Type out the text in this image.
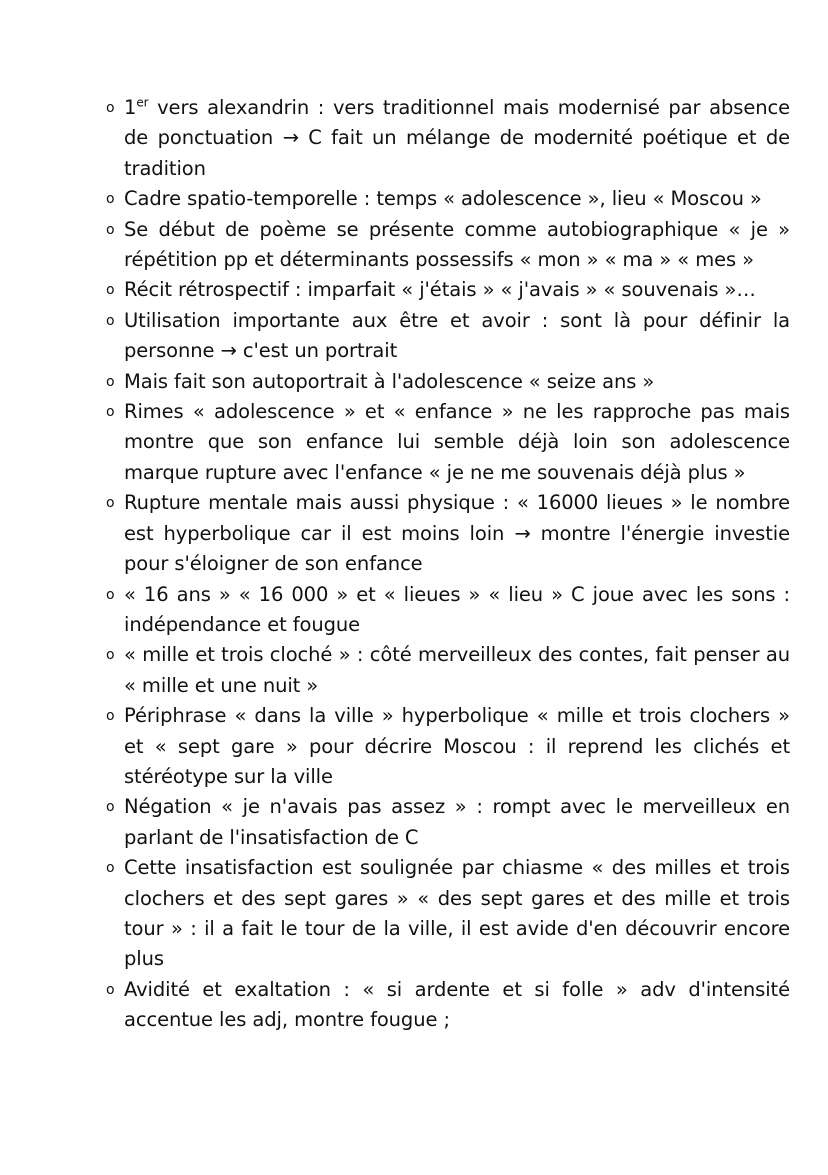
o 1er vers alexandrin : vers traditionnel mais modernisé par absence de ponctuation → C fait un mélange de modernité poétique et de tradition
o Cadre spatio-temporelle : temps « adolescence », lieu « Moscou »
o Se début de poème se présente comme autobiographique « je » répétition pp et déterminants possessifs « mon » « ma » « mes »
o Récit rétrospectif : imparfait « j'étais » « j'avais » « souvenais »…
o Utilisation importante aux être et avoir : sont là pour définir la personne → c'est un portrait
o Mais fait son autoportrait à l'adolescence « seize ans »
o Rimes « adolescence » et « enfance » ne les rapproche pas mais montre que son enfance lui semble déjà loin son adolescence marque rupture avec l'enfance « je ne me souvenais déjà plus »
o Rupture mentale mais aussi physique : « 16000 lieues » le nombre est hyperbolique car il est moins loin → montre l'énergie investie pour s'éloigner de son enfance
o « 16 ans » « 16 000 » et « lieues » « lieu » C joue avec les sons : indépendance et fougue
o « mille et trois cloché » : côté merveilleux des contes, fait penser au « mille et une nuit »
o Périphrase « dans la ville » hyperbolique « mille et trois clochers » et « sept gare » pour décrire Moscou : il reprend les clichés et stéréotype sur la ville
o Négation « je n'avais pas assez » : rompt avec le merveilleux en parlant de l'insatisfaction de C
o Cette insatisfaction est soulignée par chiasme « des milles et trois clochers et des sept gares » « des sept gares et des mille et trois tour » : il a fait le tour de la ville, il est avide d'en découvrir encore plus
o Avidité et exaltation : « si ardente et si folle » adv d'intensité accentue les adj, montre fougue ;
